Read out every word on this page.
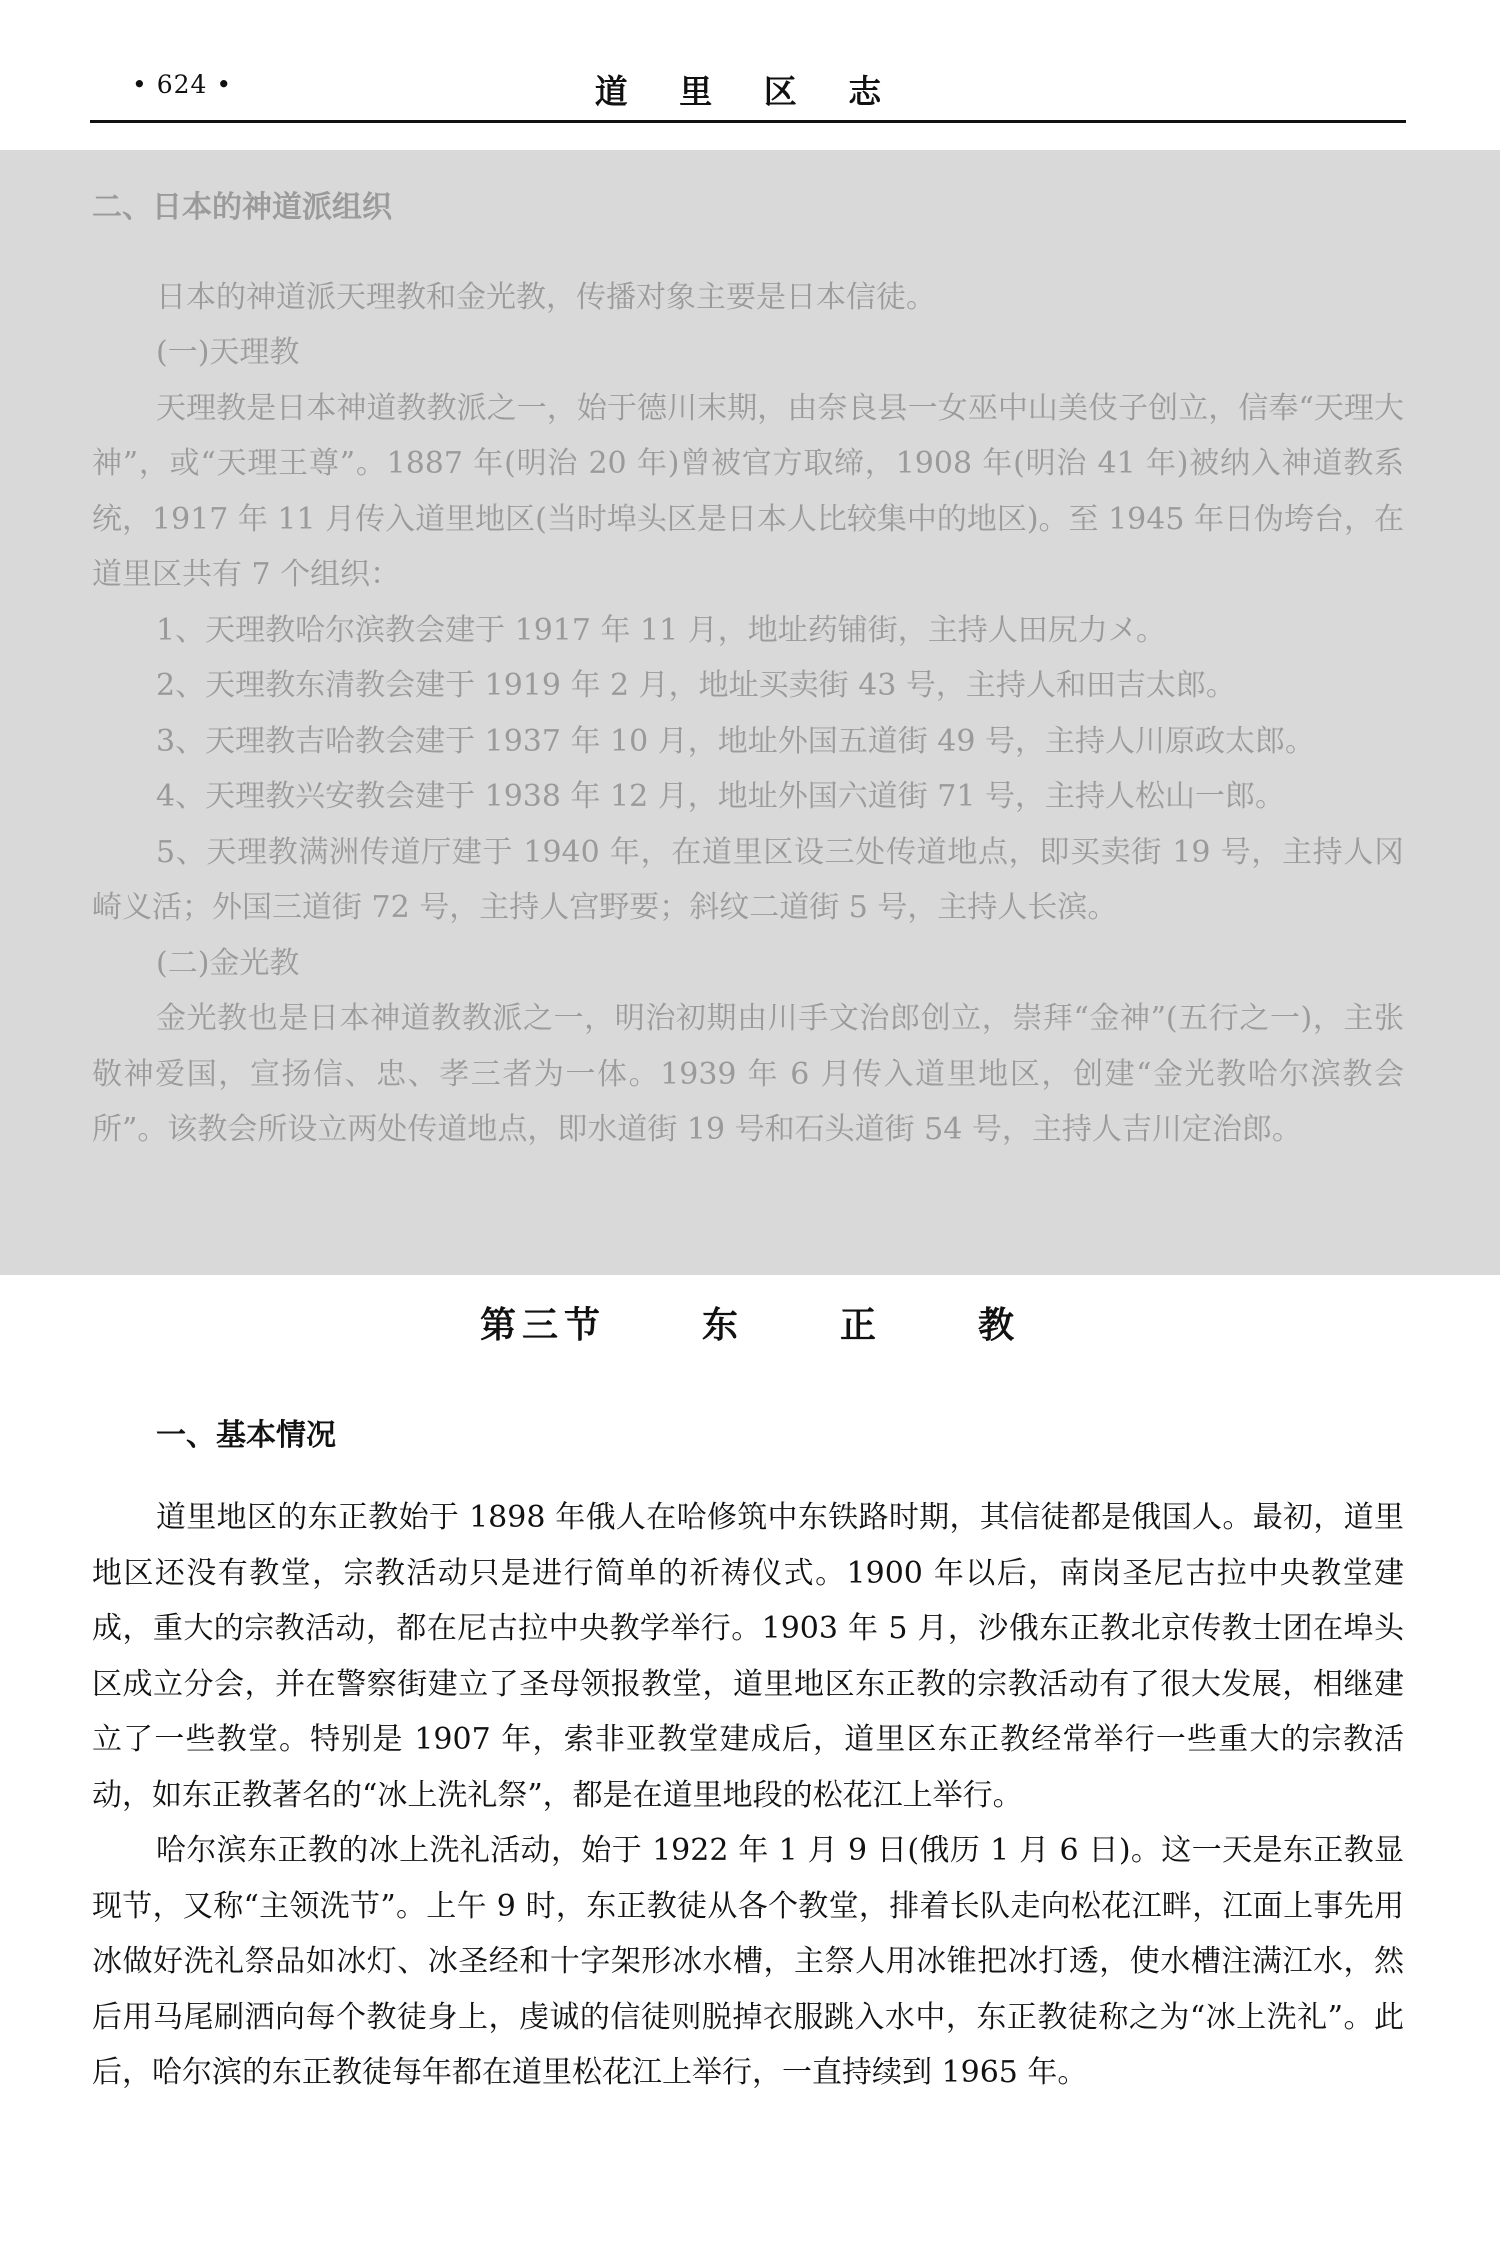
• 624 •	道 里 区 志

二、日本的神道派组织

日本的神道派天理教和金光教，传播对象主要是日本信徒。

(一)天理教

天理教是日本神道教教派之一，始于德川末期，由奈良县一女巫中山美伎子创立，信奉“天理大神”，或“天理王尊”。1887 年(明治 20 年)曾被官方取缔，1908 年(明治 41 年)被纳入神道教系统，1917 年 11 月传入道里地区(当时埠头区是日本人比较集中的地区)。至 1945 年日伪垮台，在道里区共有 7 个组织：

1、天理教哈尔滨教会建于 1917 年 11 月，地址药铺街，主持人田尻力メ。

2、天理教东清教会建于 1919 年 2 月，地址买卖街 43 号，主持人和田吉太郎。

3、天理教吉哈教会建于 1937 年 10 月，地址外国五道街 49 号，主持人川原政太郎。

4、天理教兴安教会建于 1938 年 12 月，地址外国六道街 71 号，主持人松山一郎。

5、天理教满洲传道厅建于 1940 年，在道里区设三处传道地点，即买卖街 19 号，主持人冈崎义活；外国三道街 72 号，主持人宫野要；斜纹二道街 5 号，主持人长滨。

(二)金光教

金光教也是日本神道教教派之一，明治初期由川手文治郎创立，崇拜“金神”(五行之一)，主张敬神爱国，宣扬信、忠、孝三者为一体。1939 年 6 月传入道里地区，创建“金光教哈尔滨教会所”。该教会所设立两处传道地点，即水道街 19 号和石头道街 54 号，主持人吉川定治郎。

第三节	东	正	教
一、基本情况

道里地区的东正教始于 1898 年俄人在哈修筑中东铁路时期，其信徒都是俄国人。最初，道里地区还没有教堂，宗教活动只是进行简单的祈祷仪式。1900 年以后，南岗圣尼古拉中央教堂建成，重大的宗教活动，都在尼古拉中央教学举行。1903 年 5 月，沙俄东正教北京传教士团在埠头区成立分会，并在警察街建立了圣母领报教堂，道里地区东正教的宗教活动有了很大发展，相继建立了一些教堂。特别是 1907 年，索非亚教堂建成后，道里区东正教经常举行一些重大的宗教活动，如东正教著名的“冰上洗礼祭”，都是在道里地段的松花江上举行。

哈尔滨东正教的冰上洗礼活动，始于 1922 年 1 月 9 日(俄历 1 月 6 日)。这一天是东正教显现节，又称“主领洗节”。上午 9 时，东正教徒从各个教堂，排着长队走向松花江畔，江面上事先用冰做好洗礼祭品如冰灯、冰圣经和十字架形冰水槽，主祭人用冰锥把冰打透，使水槽注满江水，然后用马尾刷洒向每个教徒身上，虔诚的信徒则脱掉衣服跳入水中，东正教徒称之为“冰上洗礼”。此后，哈尔滨的东正教徒每年都在道里松花江上举行，一直持续到 1965 年。
